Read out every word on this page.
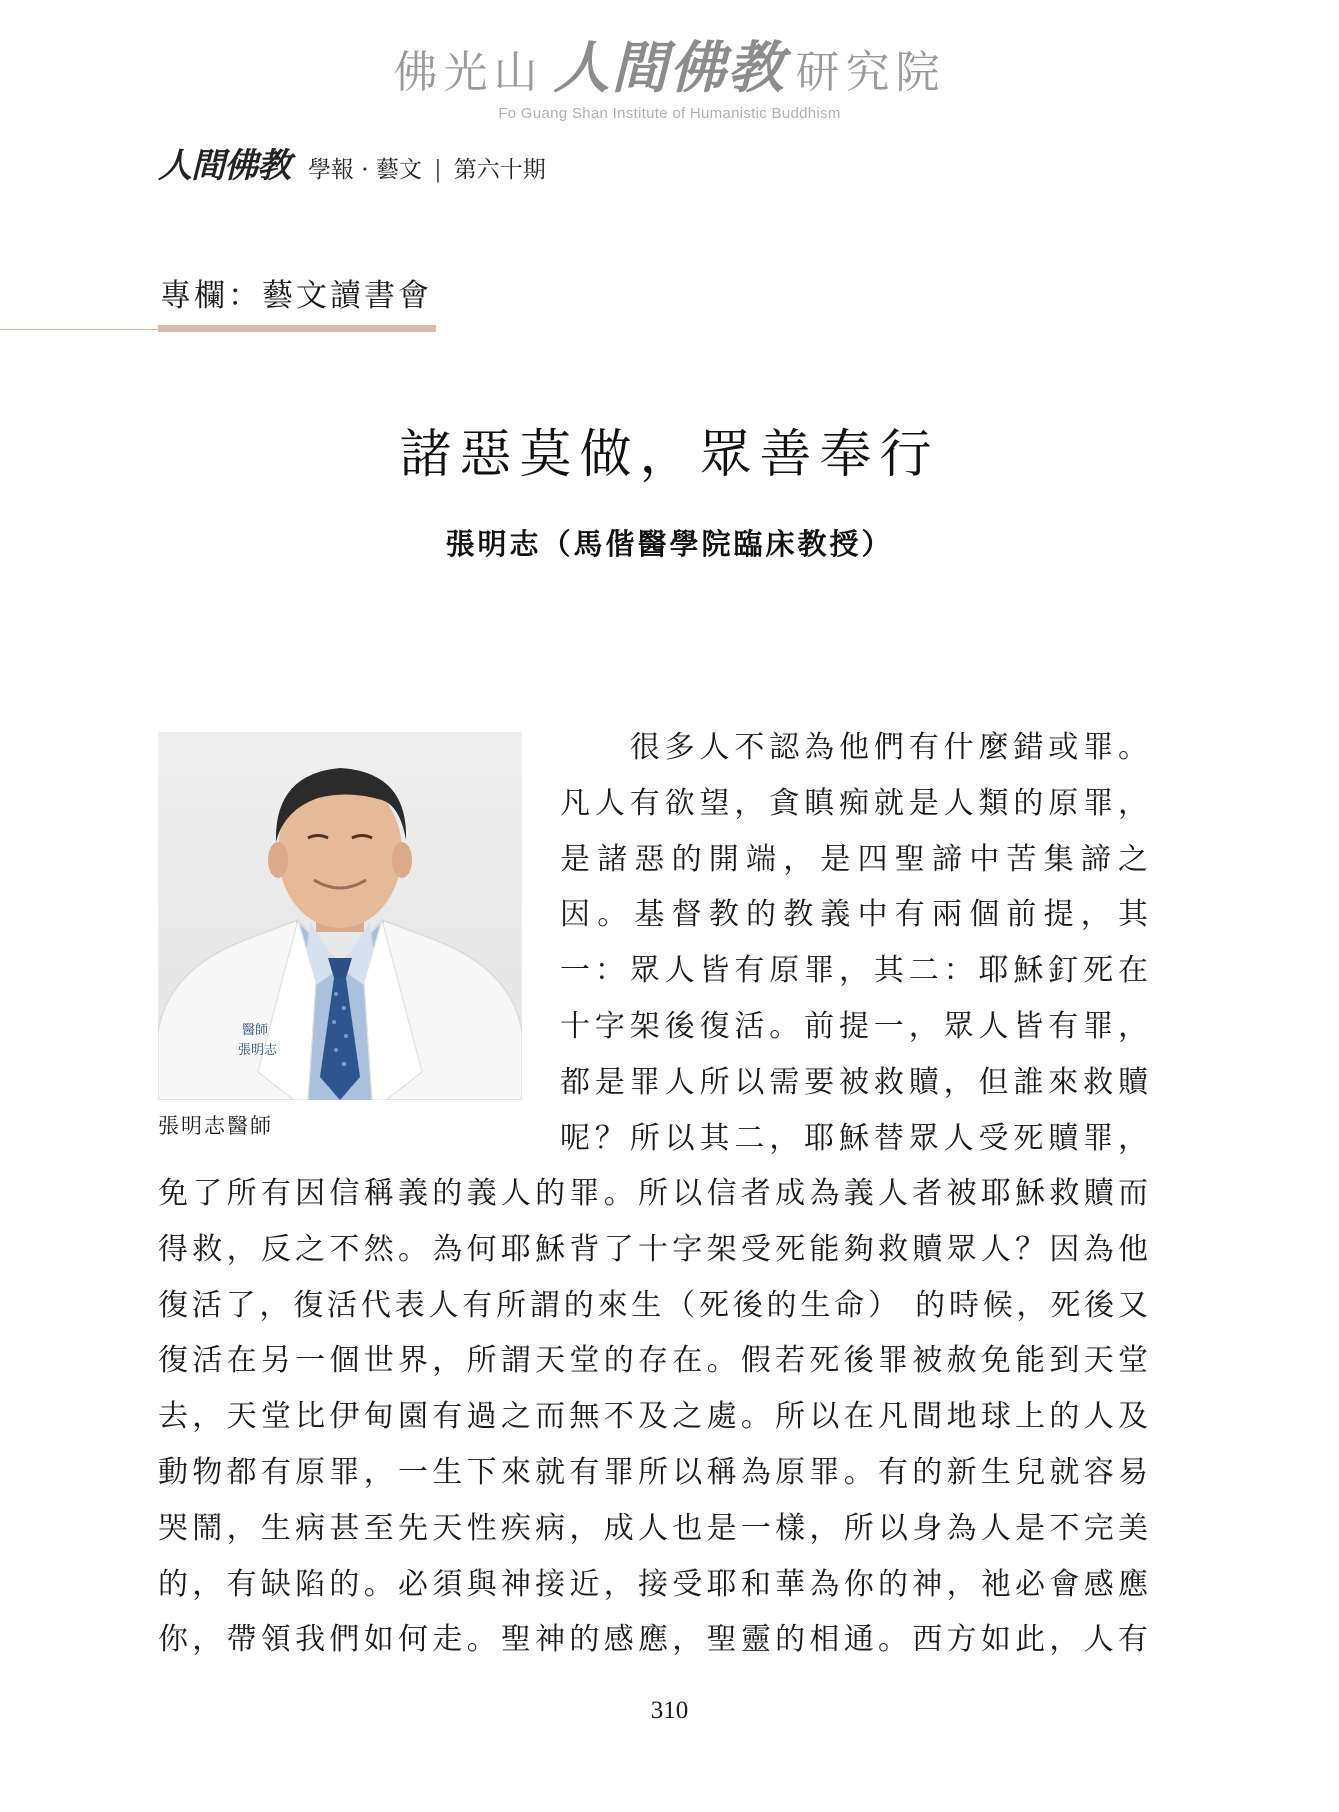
佛光山 人間佛教 研究院
Fo Guang Shan Institute of Humanistic Buddhism
人間佛教 學報 · 藝文 | 第六十期
專欄：藝文讀書會
諸惡莫做，眾善奉行
張明志（馬偕醫學院臨床教授）
醫師
張明志
張明志醫師
　　很多人不認為他們有什麼錯或罪。
凡人有欲望，貪瞋痴就是人類的原罪，
是諸惡的開端，是四聖諦中苦集諦之
因。基督教的教義中有兩個前提，其
一：眾人皆有原罪，其二：耶穌釘死在
十字架後復活。前提一，眾人皆有罪，
都是罪人所以需要被救贖，但誰來救贖
呢？所以其二，耶穌替眾人受死贖罪，
免了所有因信稱義的義人的罪。所以信者成為義人者被耶穌救贖而
得救，反之不然。為何耶穌背了十字架受死能夠救贖眾人？因為他
復活了，復活代表人有所謂的來生（死後的生命） 的時候，死後又
復活在另一個世界，所謂天堂的存在。假若死後罪被赦免能到天堂
去，天堂比伊甸園有過之而無不及之處。所以在凡間地球上的人及
動物都有原罪，一生下來就有罪所以稱為原罪。有的新生兒就容易
哭鬧，生病甚至先天性疾病，成人也是一樣，所以身為人是不完美
的，有缺陷的。必須與神接近，接受耶和華為你的神，祂必會感應
你，帶領我們如何走。聖神的感應，聖靈的相通。西方如此，人有
310
